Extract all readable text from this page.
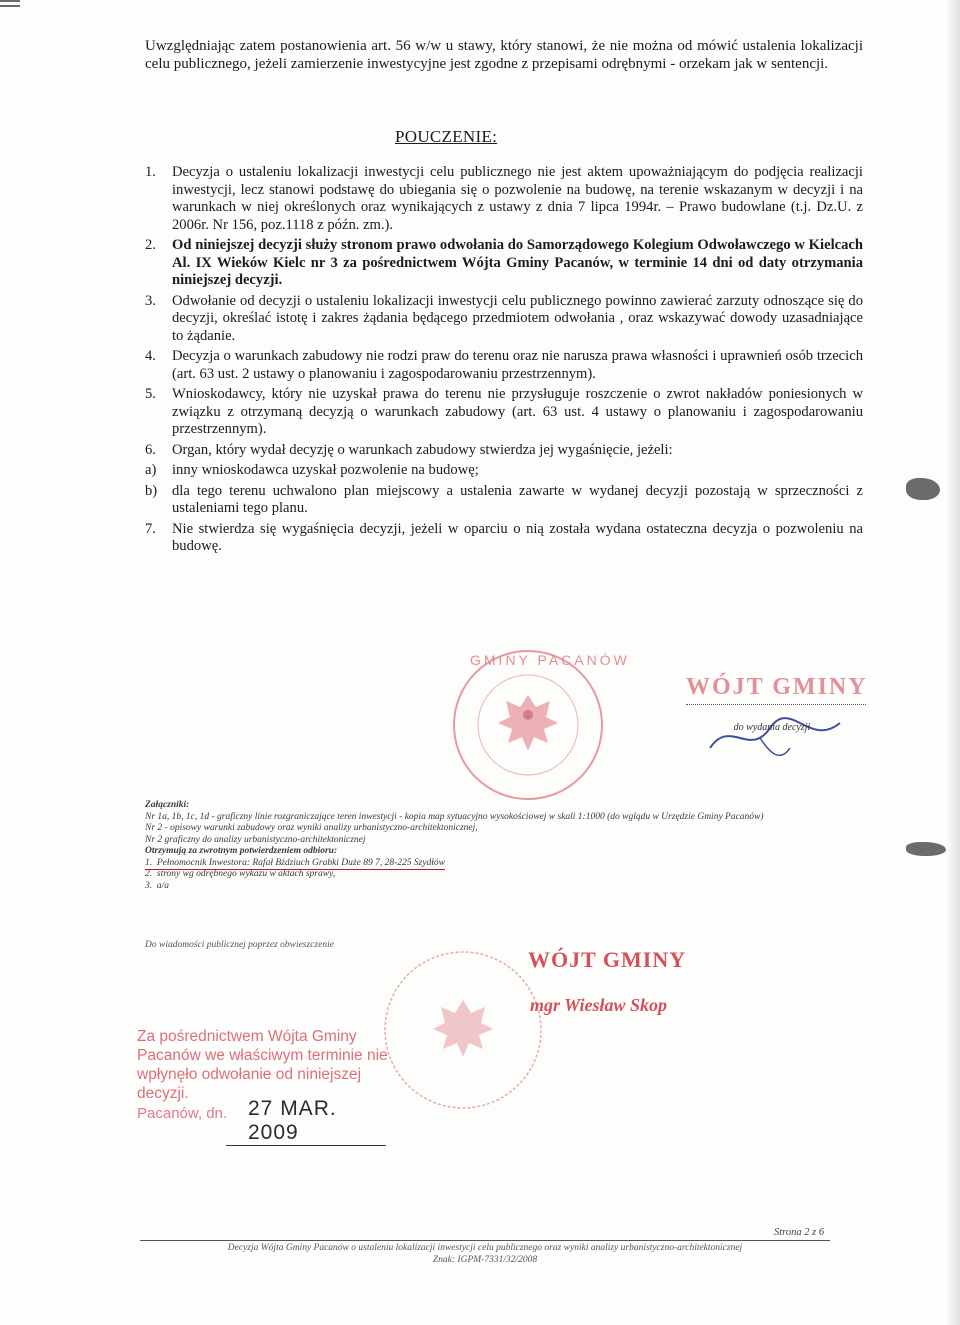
Uwzględniając zatem postanowienia art. 56 w/w u stawy, który stanowi, że nie można od mówić ustalenia lokalizacji celu publicznego, jeżeli zamierzenie inwestycyjne jest zgodne z przepisami odrębnymi - orzekam jak w sentencji.
POUCZENIE:
1.	Decyzja o ustaleniu lokalizacji inwestycji celu publicznego nie jest aktem upoważniającym do podjęcia realizacji inwestycji, lecz stanowi podstawę do ubiegania się o pozwolenie na budowę, na terenie wskazanym w decyzji i na warunkach w niej określonych oraz wynikających z ustawy z dnia 7 lipca 1994r. – Prawo budowlane (t.j. Dz.U. z 2006r. Nr 156, poz.1118 z późn. zm.).
2.	Od niniejszej decyzji służy stronom prawo odwołania do Samorządowego Kolegium Odwoławczego w Kielcach Al. IX Wieków Kielc nr 3 za pośrednictwem Wójta Gminy Pacanów, w terminie 14 dni od daty otrzymania niniejszej decyzji.
3.	Odwołanie od decyzji o ustaleniu lokalizacji inwestycji celu publicznego powinno zawierać zarzuty odnoszące się do decyzji, określać istotę i zakres żądania będącego przedmiotem odwołania , oraz wskazywać dowody uzasadniające to żądanie.
4.	Decyzja o warunkach zabudowy nie rodzi praw do terenu oraz nie narusza prawa własności i uprawnień osób trzecich (art. 63 ust. 2 ustawy o planowaniu i zagospodarowaniu przestrzennym).
5.	Wnioskodawcy, który nie uzyskał prawa do terenu nie przysługuje roszczenie o zwrot nakładów poniesionych w związku z otrzymaną decyzją o warunkach zabudowy (art. 63 ust. 4 ustawy o planowaniu i zagospodarowaniu przestrzennym).
6.	Organ, który wydał decyzję o warunkach zabudowy stwierdza jej wygaśnięcie, jeżeli:
a)	inny wnioskodawca uzyskał pozwolenie na budowę;
b)	dla tego terenu uchwalono plan miejscowy a ustalenia zawarte w wydanej decyzji pozostają w sprzeczności z ustaleniami tego planu.
7.	Nie stwierdza się wygaśnięcia decyzji, jeżeli w oparciu o nią została wydana ostateczna decyzja o pozwoleniu na budowę.
GMINY PACANÓW
WÓJT GMINY
do wydania decyzji
Załączniki:
Nr 1a, 1b, 1c, 1d - graficzny linie rozgraniczające teren inwestycji - kopia map sytuacyjno wysokościowej w skali 1:1000 (do wglądu w Urzędzie Gminy Pacanów)
Nr 2 - opisowy warunki zabudowy oraz wyniki analizy urbanistyczno-architektonicznej,
Nr 2 graficzny do analizy urbanistyczno-architektonicznej
Otrzymują za zwrotnym potwierdzeniem odbioru:
1. Pełnomocnik Inwestora: Rafał Bździuch Grabki Duże 89 7, 28-225 Szydłów
2. strony wg odrębnego wykazu w aktach sprawy,
3. a/a
Do wiadomości publicznej poprzez obwieszczenie
WÓJT GMINY
mgr Wiesław Skop
Za pośrednictwem Wójta Gminy Pacanów we właściwym terminie nie wpłynęło odwołanie od niniejszej decyzji.
Pacanów, dn. 27 MAR. 2009
Strona 2 z 6
Decyzja Wójta Gminy Pacanów o ustaleniu lokalizacji inwestycji celu publicznego oraz wyniki analizy urbanistyczno-architektonicznej
Znak: IGPM-7331/32/2008
